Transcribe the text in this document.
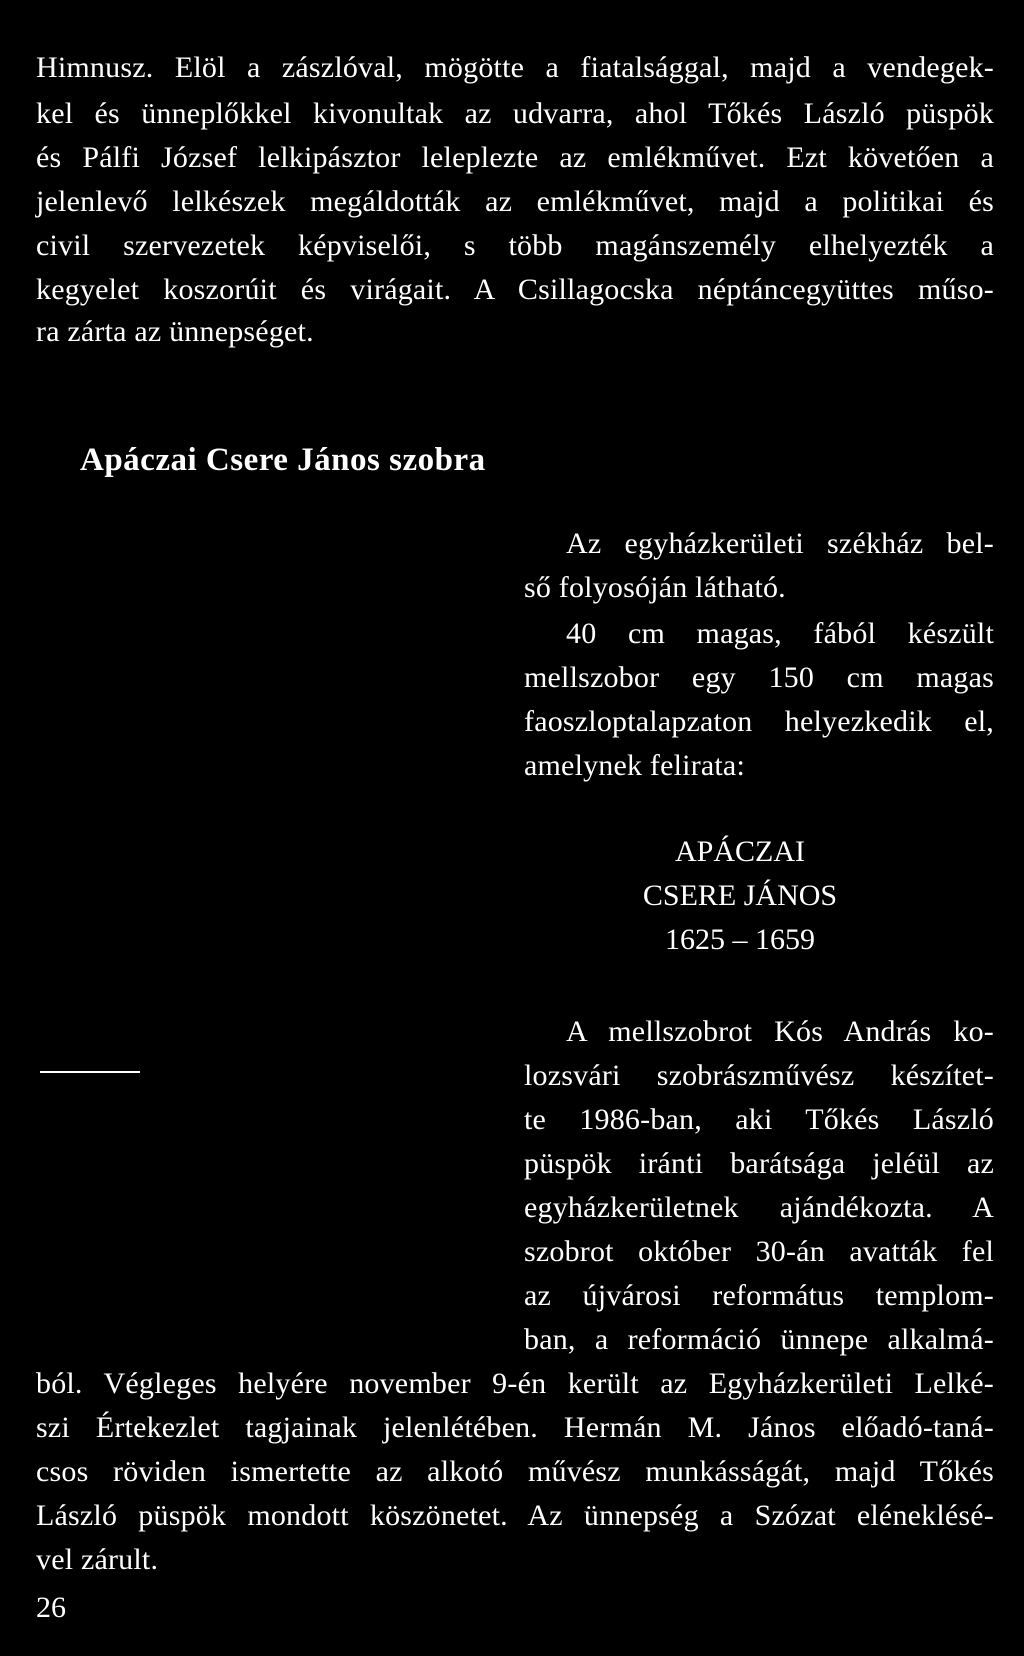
Himnusz. Elöl a zászlóval, mögötte a fiatalsággal, majd a vendegek-
kel és ünneplőkkel kivonultak az udvarra, ahol Tőkés László püspök
és Pálfi József lelkipásztor leleplezte az emlékművet. Ezt követően a
jelenlevő lelkészek megáldották az emlékművet, majd a politikai és
civil szervezetek képviselői, s több magánszemély elhelyezték a
kegyelet koszorúit és virágait. A Csillagocska néptáncegyüttes műso-
ra zárta az ünnepséget.
Apáczai Csere János szobra
Az egyházkerületi székház bel-
ső folyosóján látható.
40 cm magas, fából készült
mellszobor egy 150 cm magas
faoszloptalapzaton helyezkedik el,
amelynek felirata:
APÁCZAI
CSERE JÁNOS
1625 – 1659
A mellszobrot Kós András ko-
lozsvári szobrászművész készítet-
te 1986-ban, aki Tőkés László
püspök iránti barátsága jeléül az
egyházkerületnek ajándékozta. A
szobrot október 30-án avatták fel
az újvárosi református templom-
ban, a reformáció ünnepe alkalmá-
ból. Végleges helyére november 9-én került az Egyházkerületi Lelké-
szi Értekezlet tagjainak jelenlétében. Hermán M. János előadó-taná-
csos röviden ismertette az alkotó művész munkásságát, majd Tőkés
László püspök mondott köszönetet. Az ünnepség a Szózat eléneklésé-
vel zárult.
26
